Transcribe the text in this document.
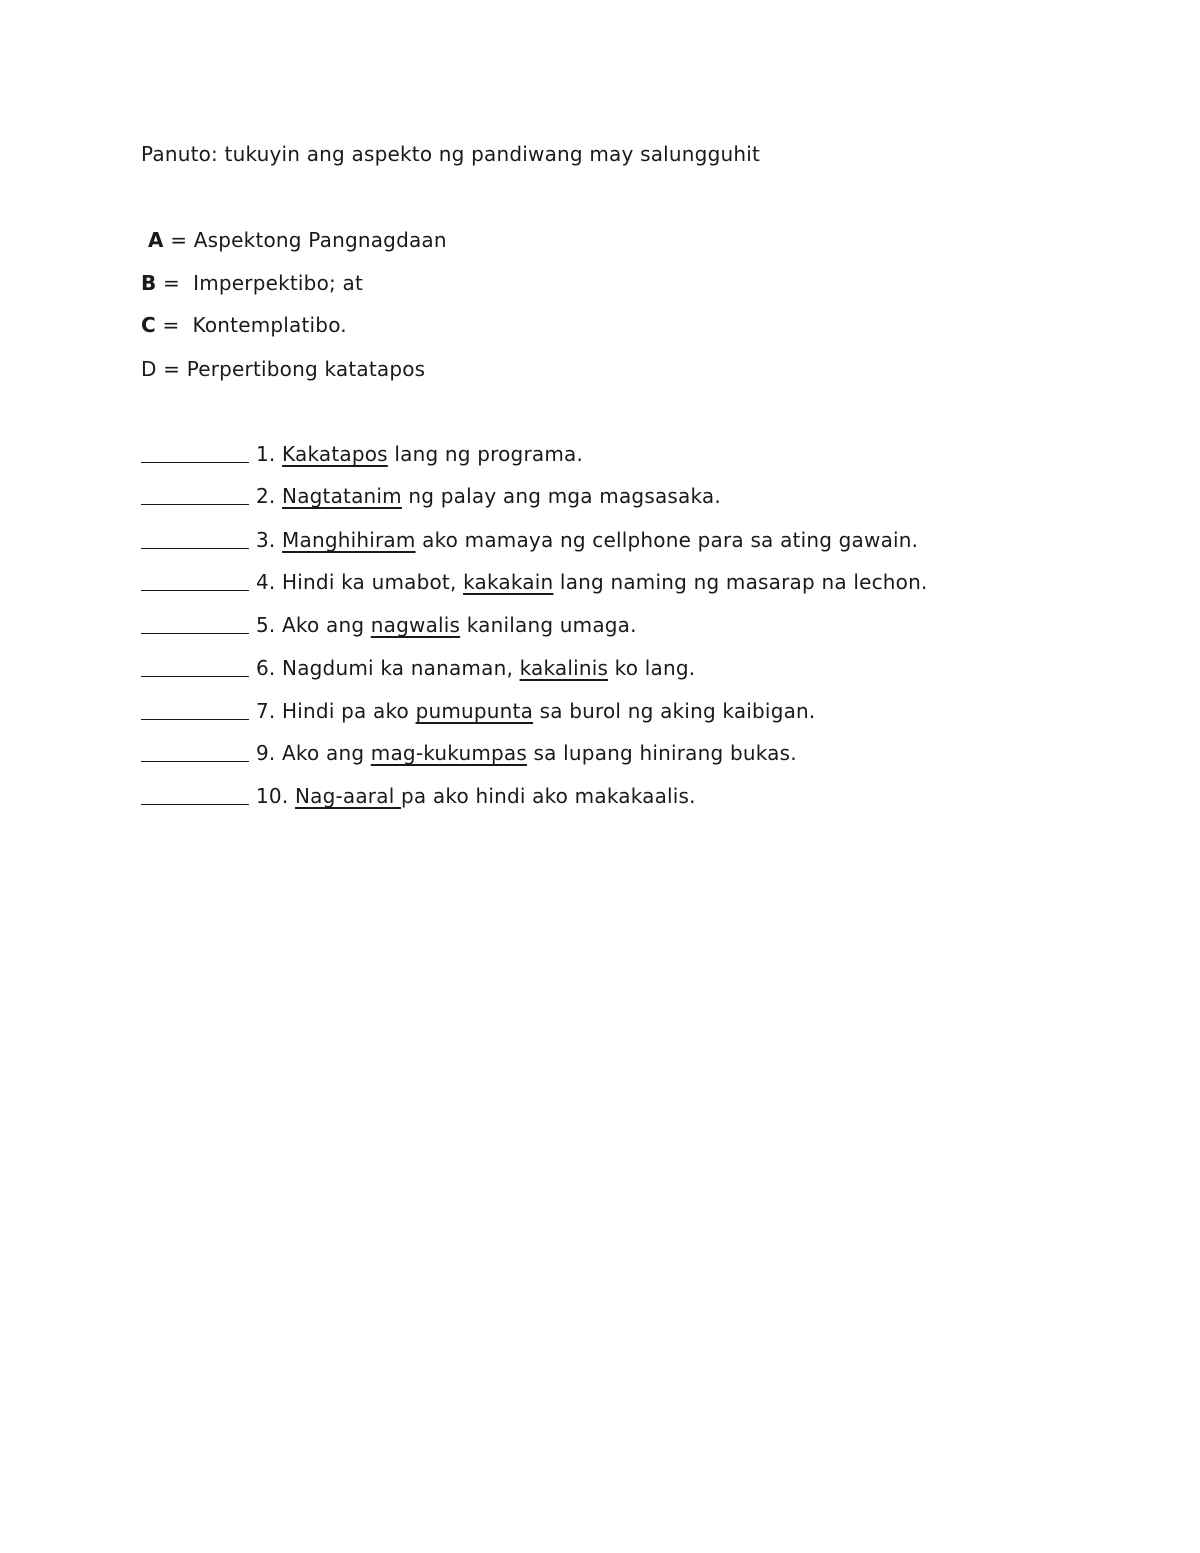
Panuto: tukuyin ang aspekto ng pandiwang may salungguhit
A = Aspektong Pangnagdaan
B =  Imperpektibo; at
C =  Kontemplatibo.
D = Perpertibong katatapos
1. Kakatapos lang ng programa.
2. Nagtatanim ng palay ang mga magsasaka.
3. Manghihiram ako mamaya ng cellphone para sa ating gawain.
4. Hindi ka umabot, kakakain lang naming ng masarap na lechon.
5. Ako ang nagwalis kanilang umaga.
6. Nagdumi ka nanaman, kakalinis ko lang.
7. Hindi pa ako pumupunta sa burol ng aking kaibigan.
9. Ako ang mag-kukumpas sa lupang hinirang bukas.
10. Nag-aaral pa ako hindi ako makakaalis.
